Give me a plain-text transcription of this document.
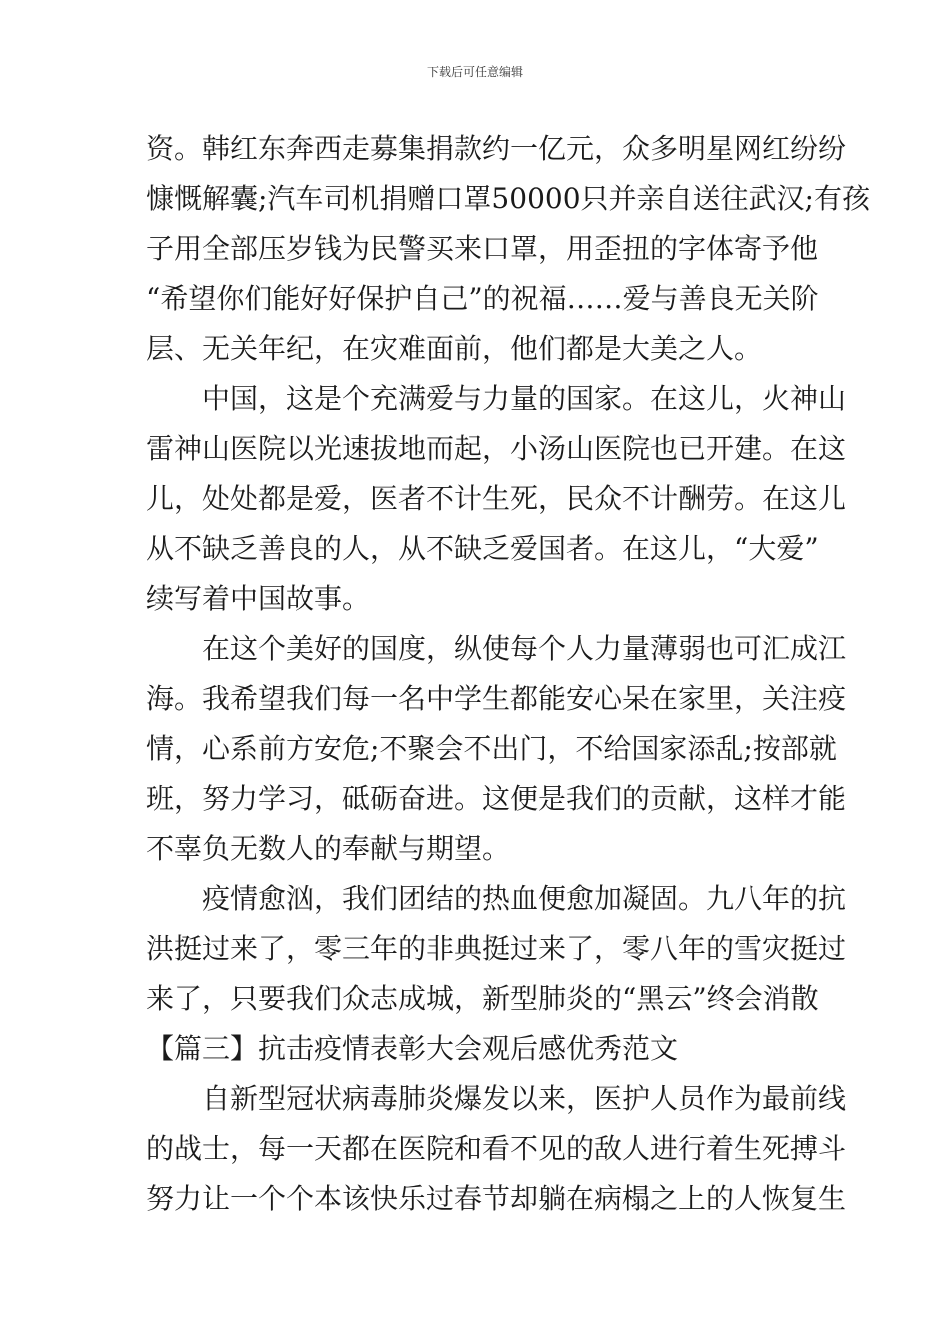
下载后可任意编辑
资。韩红东奔西走募集捐款约一亿元，众多明星网红纷纷
慷慨解囊;汽车司机捐赠口罩50000只并亲自送往武汉;有孩
子用全部压岁钱为民警买来口罩，用歪扭的字体寄予他
“希望你们能好好保护自己”的祝福……爱与善良无关阶
层、无关年纪，在灾难面前，他们都是大美之人。
中国，这是个充满爱与力量的国家。在这儿，火神山
雷神山医院以光速拔地而起，小汤山医院也已开建。在这
儿，处处都是爱，医者不计生死，民众不计酬劳。在这儿
从不缺乏善良的人，从不缺乏爱国者。在这儿，“大爱”
续写着中国故事。
在这个美好的国度，纵使每个人力量薄弱也可汇成江
海。我希望我们每一名中学生都能安心呆在家里，关注疫
情，心系前方安危;不聚会不出门，不给国家添乱;按部就
班，努力学习，砥砺奋进。这便是我们的贡献，这样才能
不辜负无数人的奉献与期望。
疫情愈汹，我们团结的热血便愈加凝固。九八年的抗
洪挺过来了，零三年的非典挺过来了，零八年的雪灾挺过
来了，只要我们众志成城，新型肺炎的“黑云”终会消散
【篇三】抗击疫情表彰大会观后感优秀范文
自新型冠状病毒肺炎爆发以来，医护人员作为最前线
的战士，每一天都在医院和看不见的敌人进行着生死搏斗
努力让一个个本该快乐过春节却躺在病榻之上的人恢复生
